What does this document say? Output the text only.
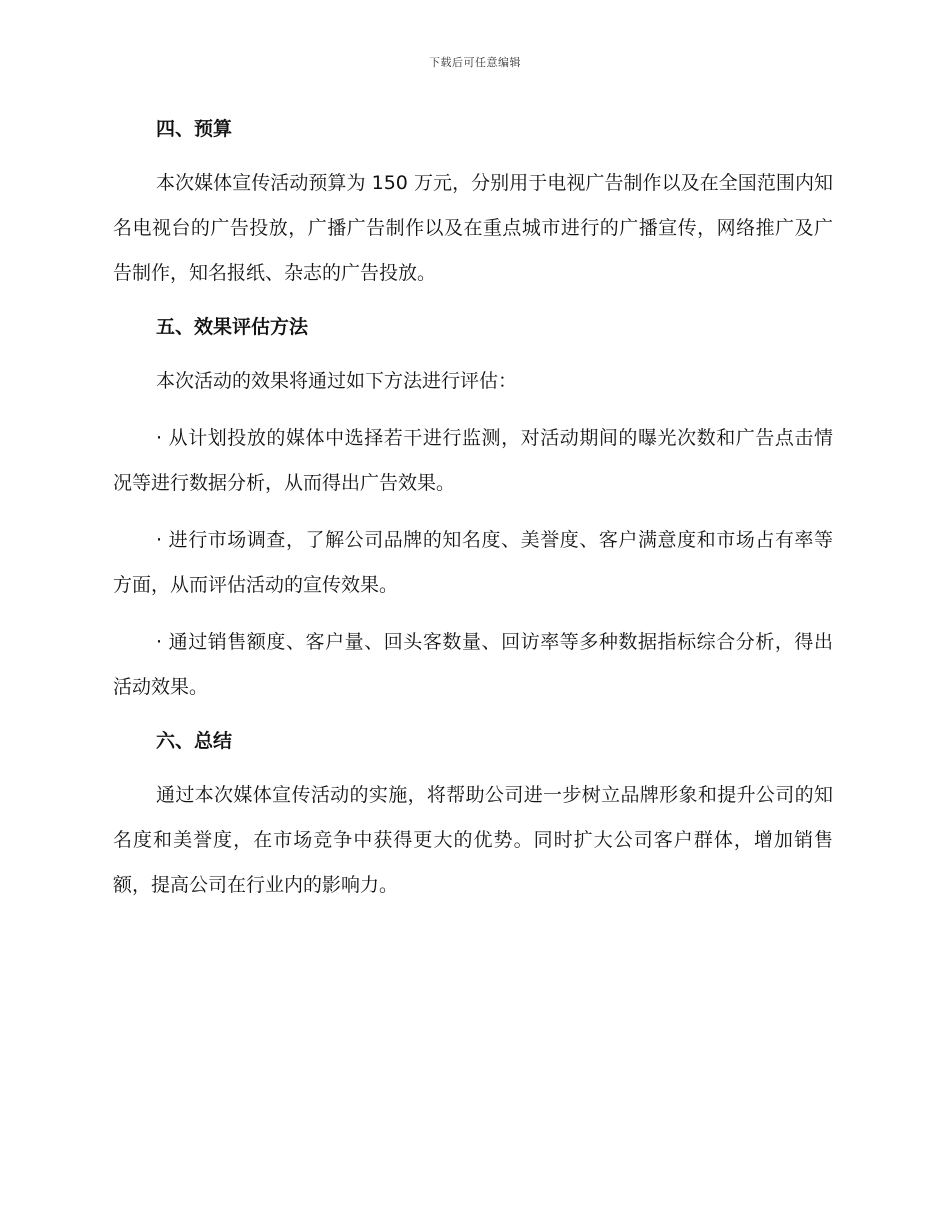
下载后可任意编辑
四、预算

本次媒体宣传活动预算为 150 万元，分别用于电视广告制作以及在全国范围内知名电视台的广告投放，广播广告制作以及在重点城市进行的广播宣传，网络推广及广告制作，知名报纸、杂志的广告投放。

五、效果评估方法

本次活动的效果将通过如下方法进行评估：

· 从计划投放的媒体中选择若干进行监测，对活动期间的曝光次数和广告点击情况等进行数据分析，从而得出广告效果。

· 进行市场调查，了解公司品牌的知名度、美誉度、客户满意度和市场占有率等方面，从而评估活动的宣传效果。

· 通过销售额度、客户量、回头客数量、回访率等多种数据指标综合分析，得出活动效果。

六、总结

通过本次媒体宣传活动的实施，将帮助公司进一步树立品牌形象和提升公司的知名度和美誉度，在市场竞争中获得更大的优势。同时扩大公司客户群体，增加销售额，提高公司在行业内的影响力。
